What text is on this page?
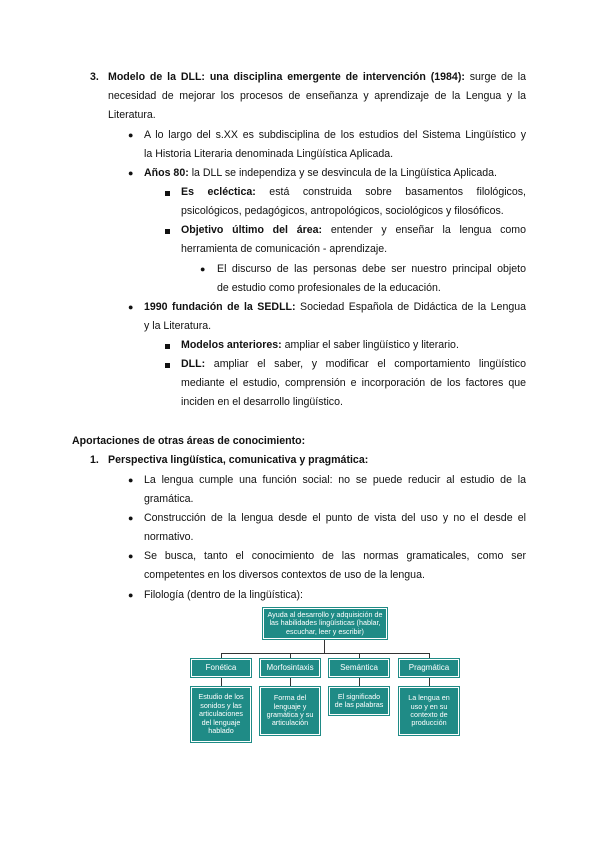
3. Modelo de la DLL: una disciplina emergente de intervención (1984): surge de la
necesidad de mejorar los procesos de enseñanza y aprendizaje de la Lengua y la
Literatura.
● A lo largo del s.XX es subdisciplina de los estudios del Sistema Lingüístico y
la Historia Literaria denominada Lingüística Aplicada.
● Años 80: la DLL se independiza y se desvincula de la Lingüística Aplicada.
Es ecléctica: está construida sobre basamentos filológicos,
psicológicos, pedagógicos, antropológicos, sociológicos y filosóficos.
Objetivo último del área: entender y enseñar la lengua como
herramienta de comunicación - aprendizaje.
● El discurso de las personas debe ser nuestro principal objeto
de estudio como profesionales de la educación.
● 1990 fundación de la SEDLL: Sociedad Española de Didáctica de la Lengua
y la Literatura.
Modelos anteriores: ampliar el saber lingüístico y literario.
DLL: ampliar el saber, y modificar el comportamiento lingüístico
mediante el estudio, comprensión e incorporación de los factores que
inciden en el desarrollo lingüístico.
Aportaciones de otras áreas de conocimiento:
1. Perspectiva lingüística, comunicativa y pragmática:
● La lengua cumple una función social: no se puede reducir al estudio de la
gramática.
● Construcción de la lengua desde el punto de vista del uso y no el desde el
normativo.
● Se busca, tanto el conocimiento de las normas gramaticales, como ser
competentes en los diversos contextos de uso de la lengua.
● Filología (dentro de la lingüística):
Ayuda al desarrollo y adquisición de las habilidades lingüísticas (hablar, escuchar, leer y escribir)
Fonética	Morfosintaxis	Semántica	Pragmática
Estudio de los sonidos y las articulaciones del lenguaje hablado
Forma del lenguaje y gramática y su articulación
El significado de las palabras
La lengua en uso y en su contexto de producción
